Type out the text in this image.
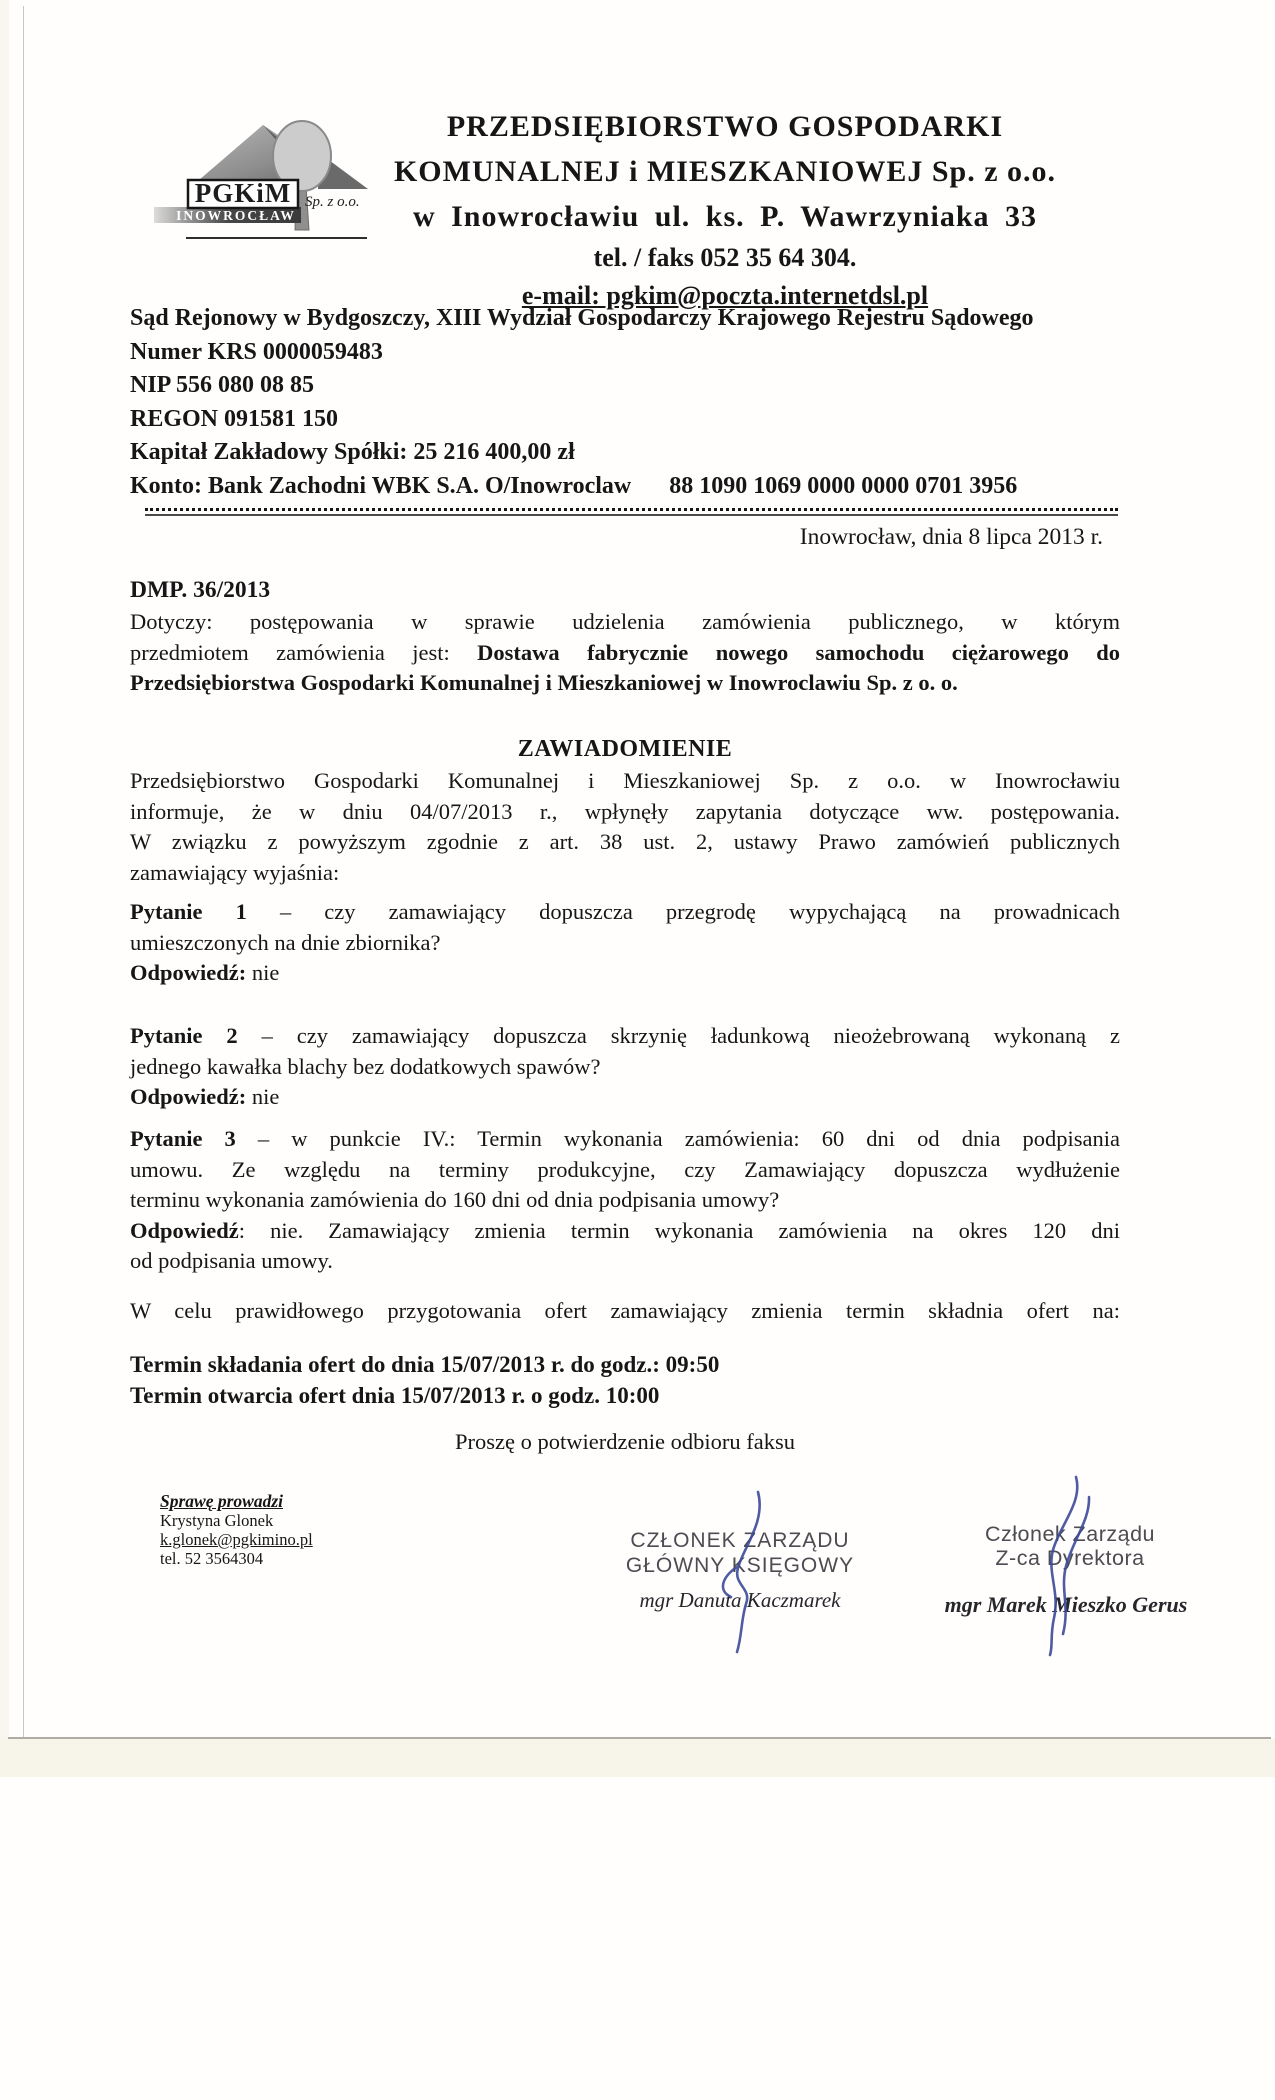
PGKiM
INOWROCŁAW
Sp. z o.o.
PRZEDSIĘBIORSTWO GOSPODARKI
KOMUNALNEJ i MIESZKANIOWEJ Sp. z o.o.
w Inowrocławiu ul. ks. P. Wawrzyniaka 33
tel. / faks 052 35 64 304.
e-mail: pgkim@poczta.internetdsl.pl
Sąd Rejonowy w Bydgoszczy, XIII Wydział Gospodarczy Krajowego Rejestru Sądowego
Numer KRS 0000059483
NIP 556 080 08 85
REGON 091581 150
Kapitał Zakładowy Spółki: 25 216 400,00 zł
Konto: Bank Zachodni WBK S.A. O/Inowroclaw 88 1090 1069 0000 0000 0701 3956
Inowrocław, dnia 8 lipca 2013 r.
DMP. 36/2013
Dotyczy: postępowania w sprawie udzielenia zamówienia publicznego, w którym
przedmiotem zamówienia jest: Dostawa fabrycznie nowego samochodu ciężarowego do
Przedsiębiorstwa Gospodarki Komunalnej i Mieszkaniowej w Inowroclawiu Sp. z o. o.
ZAWIADOMIENIE
Przedsiębiorstwo Gospodarki Komunalnej i Mieszkaniowej Sp. z o.o. w Inowrocławiu
informuje, że w dniu 04/07/2013 r., wpłynęły zapytania dotyczące ww. postępowania.
W związku z powyższym zgodnie z art. 38 ust. 2, ustawy Prawo zamówień publicznych
zamawiający wyjaśnia:
Pytanie 1 – czy zamawiający dopuszcza przegrodę wypychającą na prowadnicach
umieszczonych na dnie zbiornika?
Odpowiedź: nie
Pytanie 2 – czy zamawiający dopuszcza skrzynię ładunkową nieożebrowaną wykonaną z
jednego kawałka blachy bez dodatkowych spawów?
Odpowiedź: nie
Pytanie 3 – w punkcie IV.: Termin wykonania zamówienia: 60 dni od dnia podpisania
umowu. Ze względu na terminy produkcyjne, czy Zamawiający dopuszcza wydłużenie
terminu wykonania zamówienia do 160 dni od dnia podpisania umowy?
Odpowiedź: nie. Zamawiający zmienia termin wykonania zamówienia na okres 120 dni
od podpisania umowy.
W celu prawidłowego przygotowania ofert zamawiający zmienia termin składnia ofert na:
Termin składania ofert do dnia 15/07/2013 r. do godz.: 09:50
Termin otwarcia ofert dnia 15/07/2013 r. o godz. 10:00
Proszę o potwierdzenie odbioru faksu
Sprawę prowadzi
Krystyna Glonek
k.glonek@pgkimino.pl
tel. 52 3564304
CZŁONEK ZARZĄDU
GŁÓWNY KSIĘGOWY
mgr Danuta Kaczmarek
Członek Zarządu
Z-ca Dyrektora
mgr Marek Mieszko Gerus
